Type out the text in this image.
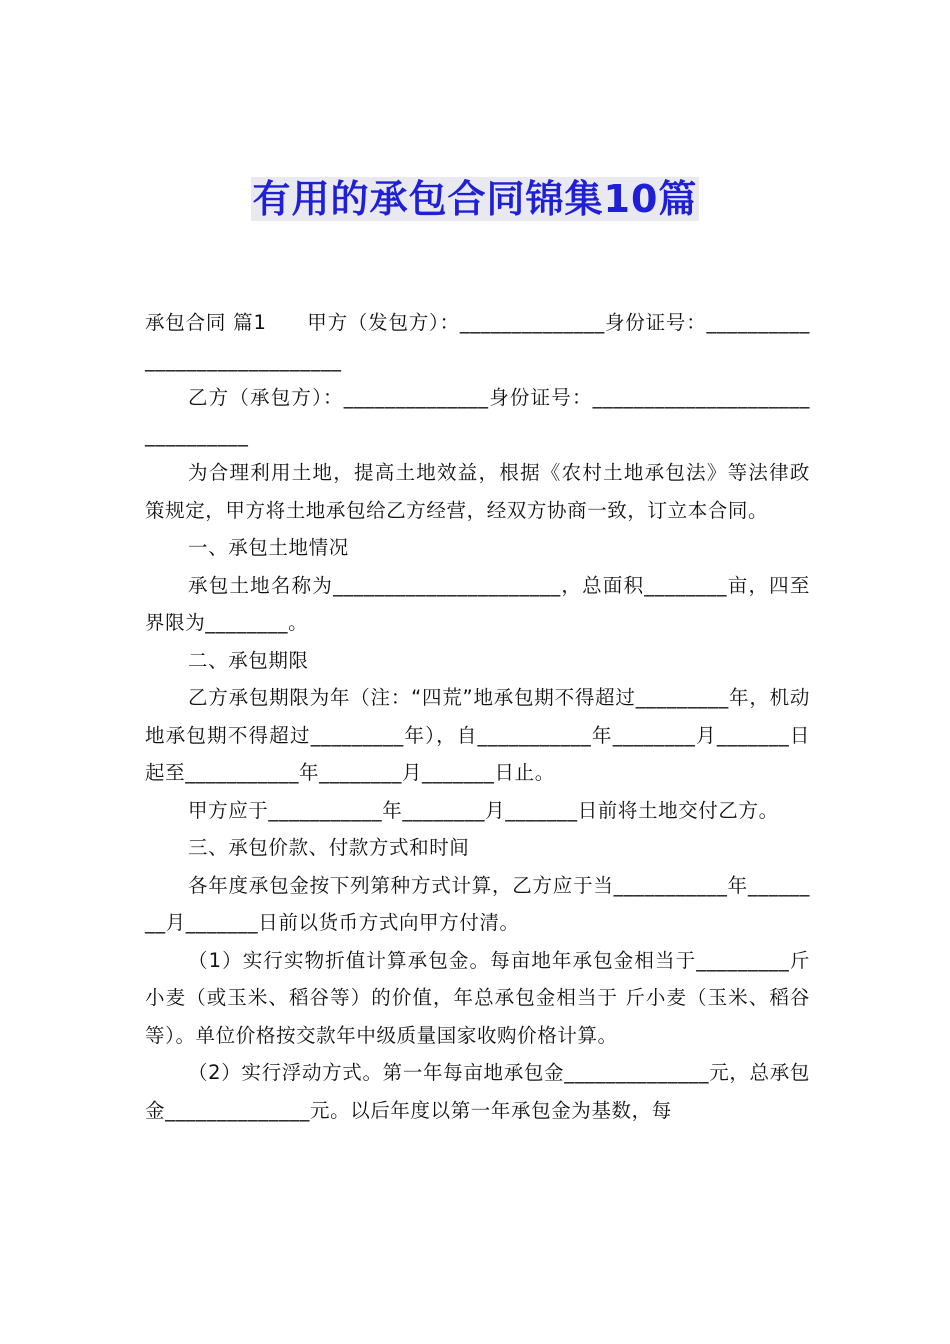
有用的承包合同锦集10篇

承包合同 篇1　　甲方（发包方）：______________身份证号：_____________________________

乙方（承包方）：______________身份证号：_______________________________

为合理利用土地，提高土地效益，根据《农村土地承包法》等法律政策规定，甲方将土地承包给乙方经营，经双方协商一致，订立本合同。

一、承包土地情况

承包土地名称为______________________，总面积________亩，四至界限为________。

二、承包期限

乙方承包期限为年（注：“四荒”地承包期不得超过_________年，机动地承包期不得超过_________年），自___________年________月_______日起至___________年________月_______日止。

甲方应于___________年________月_______日前将土地交付乙方。

三、承包价款、付款方式和时间

各年度承包金按下列第种方式计算，乙方应于当___________年________月_______日前以货币方式向甲方付清。

（1）实行实物折值计算承包金。每亩地年承包金相当于_________斤小麦（或玉米、稻谷等）的价值，年总承包金相当于 斤小麦（玉米、稻谷等）。单位价格按交款年中级质量国家收购价格计算。

（2）实行浮动方式。第一年每亩地承包金______________元，总承包金______________元。以后年度以第一年承包金为基数，每
